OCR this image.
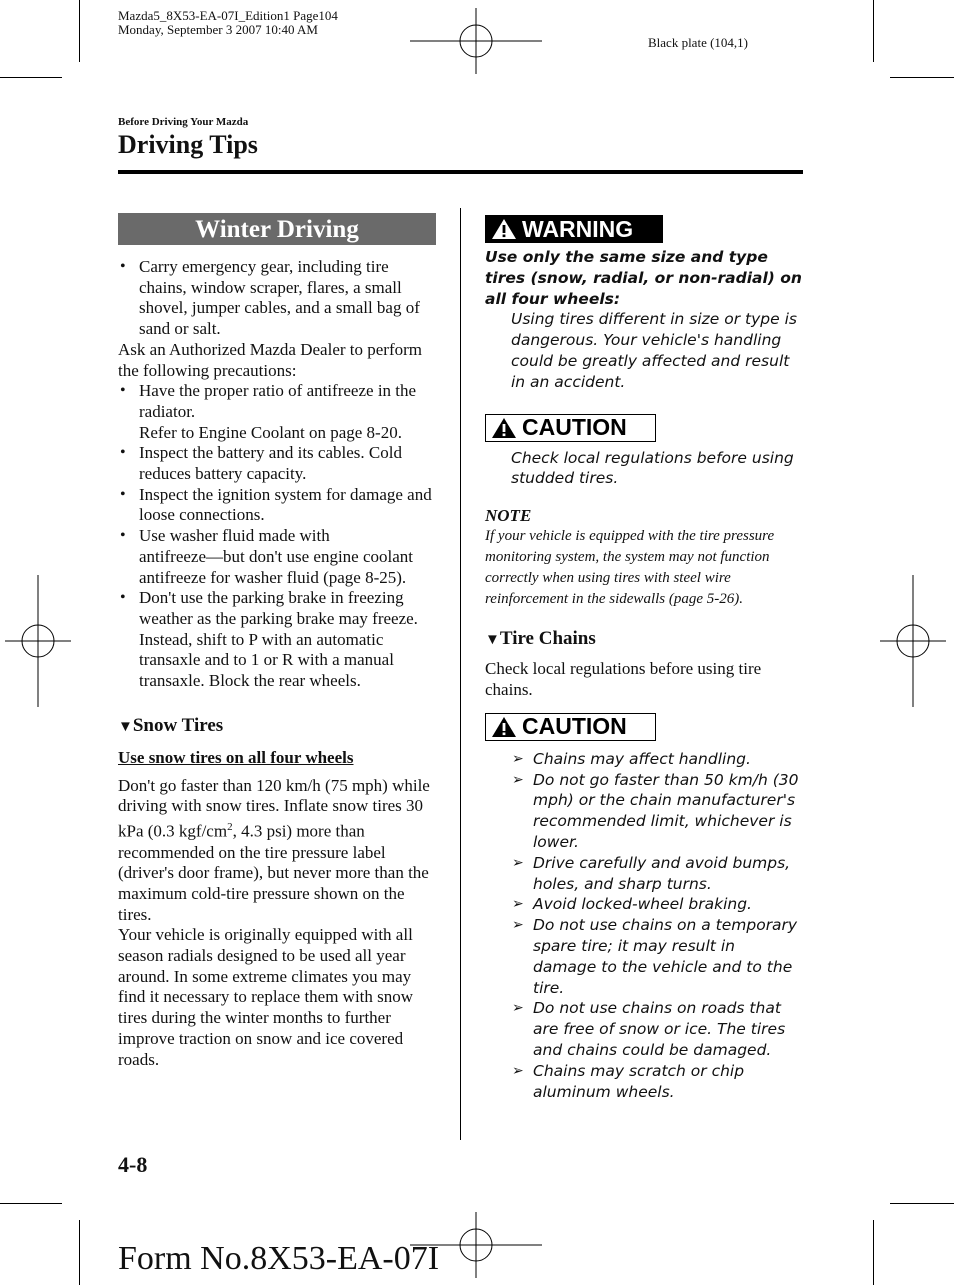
Mazda5_8X53-EA-07I_Edition1 Page104
Monday, September 3 2007 10:40 AM
Black plate (104,1)
Before Driving Your Mazda
Driving Tips
Winter Driving
• Carry emergency gear, including tire chains, window scraper, flares, a small shovel, jumper cables, and a small bag of sand or salt.

Ask an Authorized Mazda Dealer to perform the following precautions:

• Have the proper ratio of antifreeze in the radiator.
Refer to Engine Coolant on page 8-20.
• Inspect the battery and its cables. Cold reduces battery capacity.
• Inspect the ignition system for damage and loose connections.
• Use washer fluid made with antifreeze―but don't use engine coolant antifreeze for washer fluid (page 8-25).
• Don't use the parking brake in freezing weather as the parking brake may freeze. Instead, shift to P with an automatic transaxle and to 1 or R with a manual transaxle. Block the rear wheels.
▼Snow Tires
Use snow tires on all four wheels

Don't go faster than 120 km/h (75 mph) while driving with snow tires. Inflate snow tires 30 kPa (0.3 kgf/$cm^2$, 4.3 psi) more than recommended on the tire pressure label (driver's door frame), but never more than the maximum cold-tire pressure shown on the tires.

Your vehicle is originally equipped with all season radials designed to be used all year around. In some extreme climates you may find it necessary to replace them with snow tires during the winter months to further improve traction on snow and ice covered roads.

WARNING
Use only the same size and type tires (snow, radial, or non-radial) on all four wheels:
Using tires different in size or type is dangerous. Your vehicle's handling could be greatly affected and result in an accident.
CAUTION
Check local regulations before using studded tires.
NOTE
If your vehicle is equipped with the tire pressure monitoring system, the system may not function correctly when using tires with steel wire reinforcement in the sidewalls (page 5-26).
▼Tire Chains
Check local regulations before using tire chains.
CAUTION
➢ Chains may affect handling.
➢ Do not go faster than 50 km/h (30 mph) or the chain manufacturer's recommended limit, whichever is lower.
➢ Drive carefully and avoid bumps, holes, and sharp turns.
➢ Avoid locked-wheel braking.
➢ Do not use chains on a temporary spare tire; it may result in damage to the vehicle and to the tire.
➢ Do not use chains on roads that are free of snow or ice. The tires and chains could be damaged.
➢ Chains may scratch or chip aluminum wheels.
4-8
Form No.8X53-EA-07I
